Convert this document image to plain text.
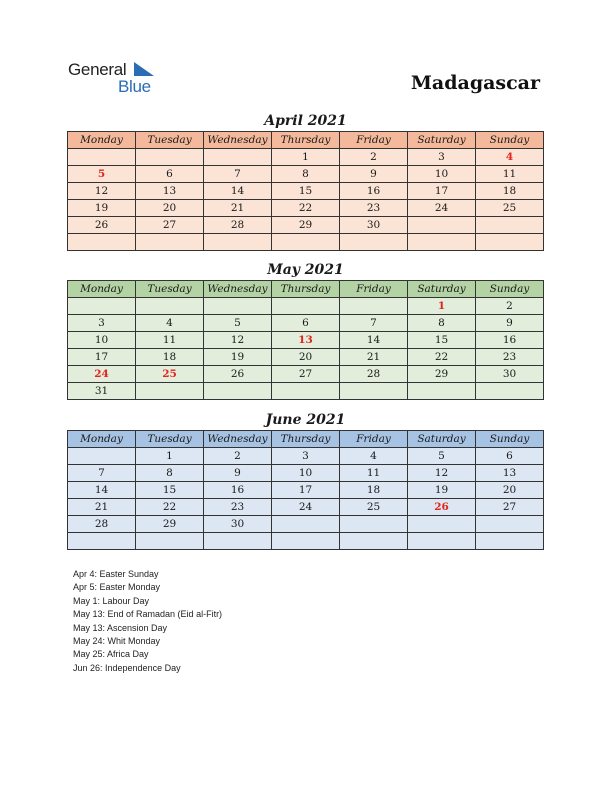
General
Blue	Madagascar
April 2021
Monday	Tuesday	Wednesday	Thursday	Friday	Saturday	Sunday
			1	2	3	4
5	6	7	8	9	10	11
12	13	14	15	16	17	18
19	20	21	22	23	24	25
26	27	28	29	30		

May 2021
Monday	Tuesday	Wednesday	Thursday	Friday	Saturday	Sunday
					1	2
3	4	5	6	7	8	9
10	11	12	13	14	15	16
17	18	19	20	21	22	23
24	25	26	27	28	29	30
31						
June 2021
Monday	Tuesday	Wednesday	Thursday	Friday	Saturday	Sunday
	1	2	3	4	5	6
7	8	9	10	11	12	13
14	15	16	17	18	19	20
21	22	23	24	25	26	27
28	29	30				

Apr 4: Easter Sunday
Apr 5: Easter Monday
May 1: Labour Day
May 13: End of Ramadan (Eid al-Fitr)
May 13: Ascension Day
May 24: Whit Monday
May 25: Africa Day
Jun 26: Independence Day
